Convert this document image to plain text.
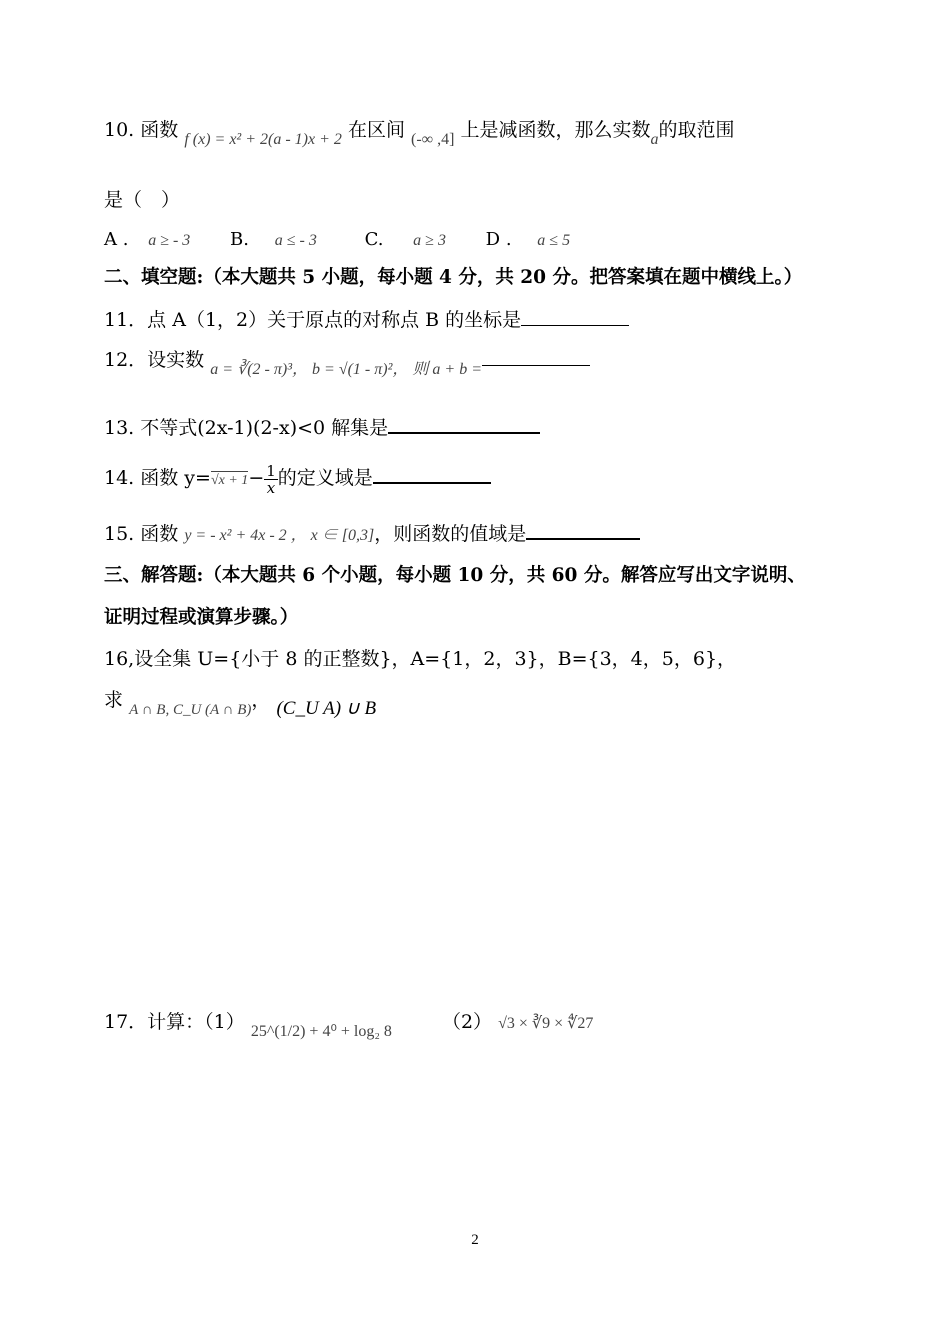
10. 函数 $_{f (x) = x^2 + 2(a - 1)x + 2}$ 在区间 $_{(-\infty ,4]}$ 上是减函数，那么实数$_a$的取范围
是（　）
A . a ≥ - 3 B. a ≤ - 3	C. a ≥ 3 D . a ≤ 5
二、填空题:（本大题共 5 小题，每小题 4 分，共 20 分。把答案填在题中横线上。）
11．点 A（1，2）关于原点的对称点 B 的坐标是
12．设实数 $_{a = ∛(2 - \pi)^3, b = √(1 - \pi)^2, 则 a + b =}$
13. 不等式(2x-1)(2-x)<0 解集是
14. 函数 $y=√x + 1- \frac{1}{x}$ 的定义域是
15. 函数 y = - x² + 4x - 2 ， x ∈ [0,3]，则函数的值域是
三、解答题:（本大题共 6 个小题，每小题 10 分，共 60 分。解答应写出文字说明、
证明过程或演算步骤。）
16,设全集 U={小于 8 的正整数}，A={1，2，3}，B={3，4，5，6}，
求 $_{A \cap B, C\_U (A \cap B)}$， (C_U A) ∪ B
17．计算：（1） $_{25\^{}(1/2) + 4^0 + log_2 8}$	（2） √3 × ∛9 × ∜27
2
